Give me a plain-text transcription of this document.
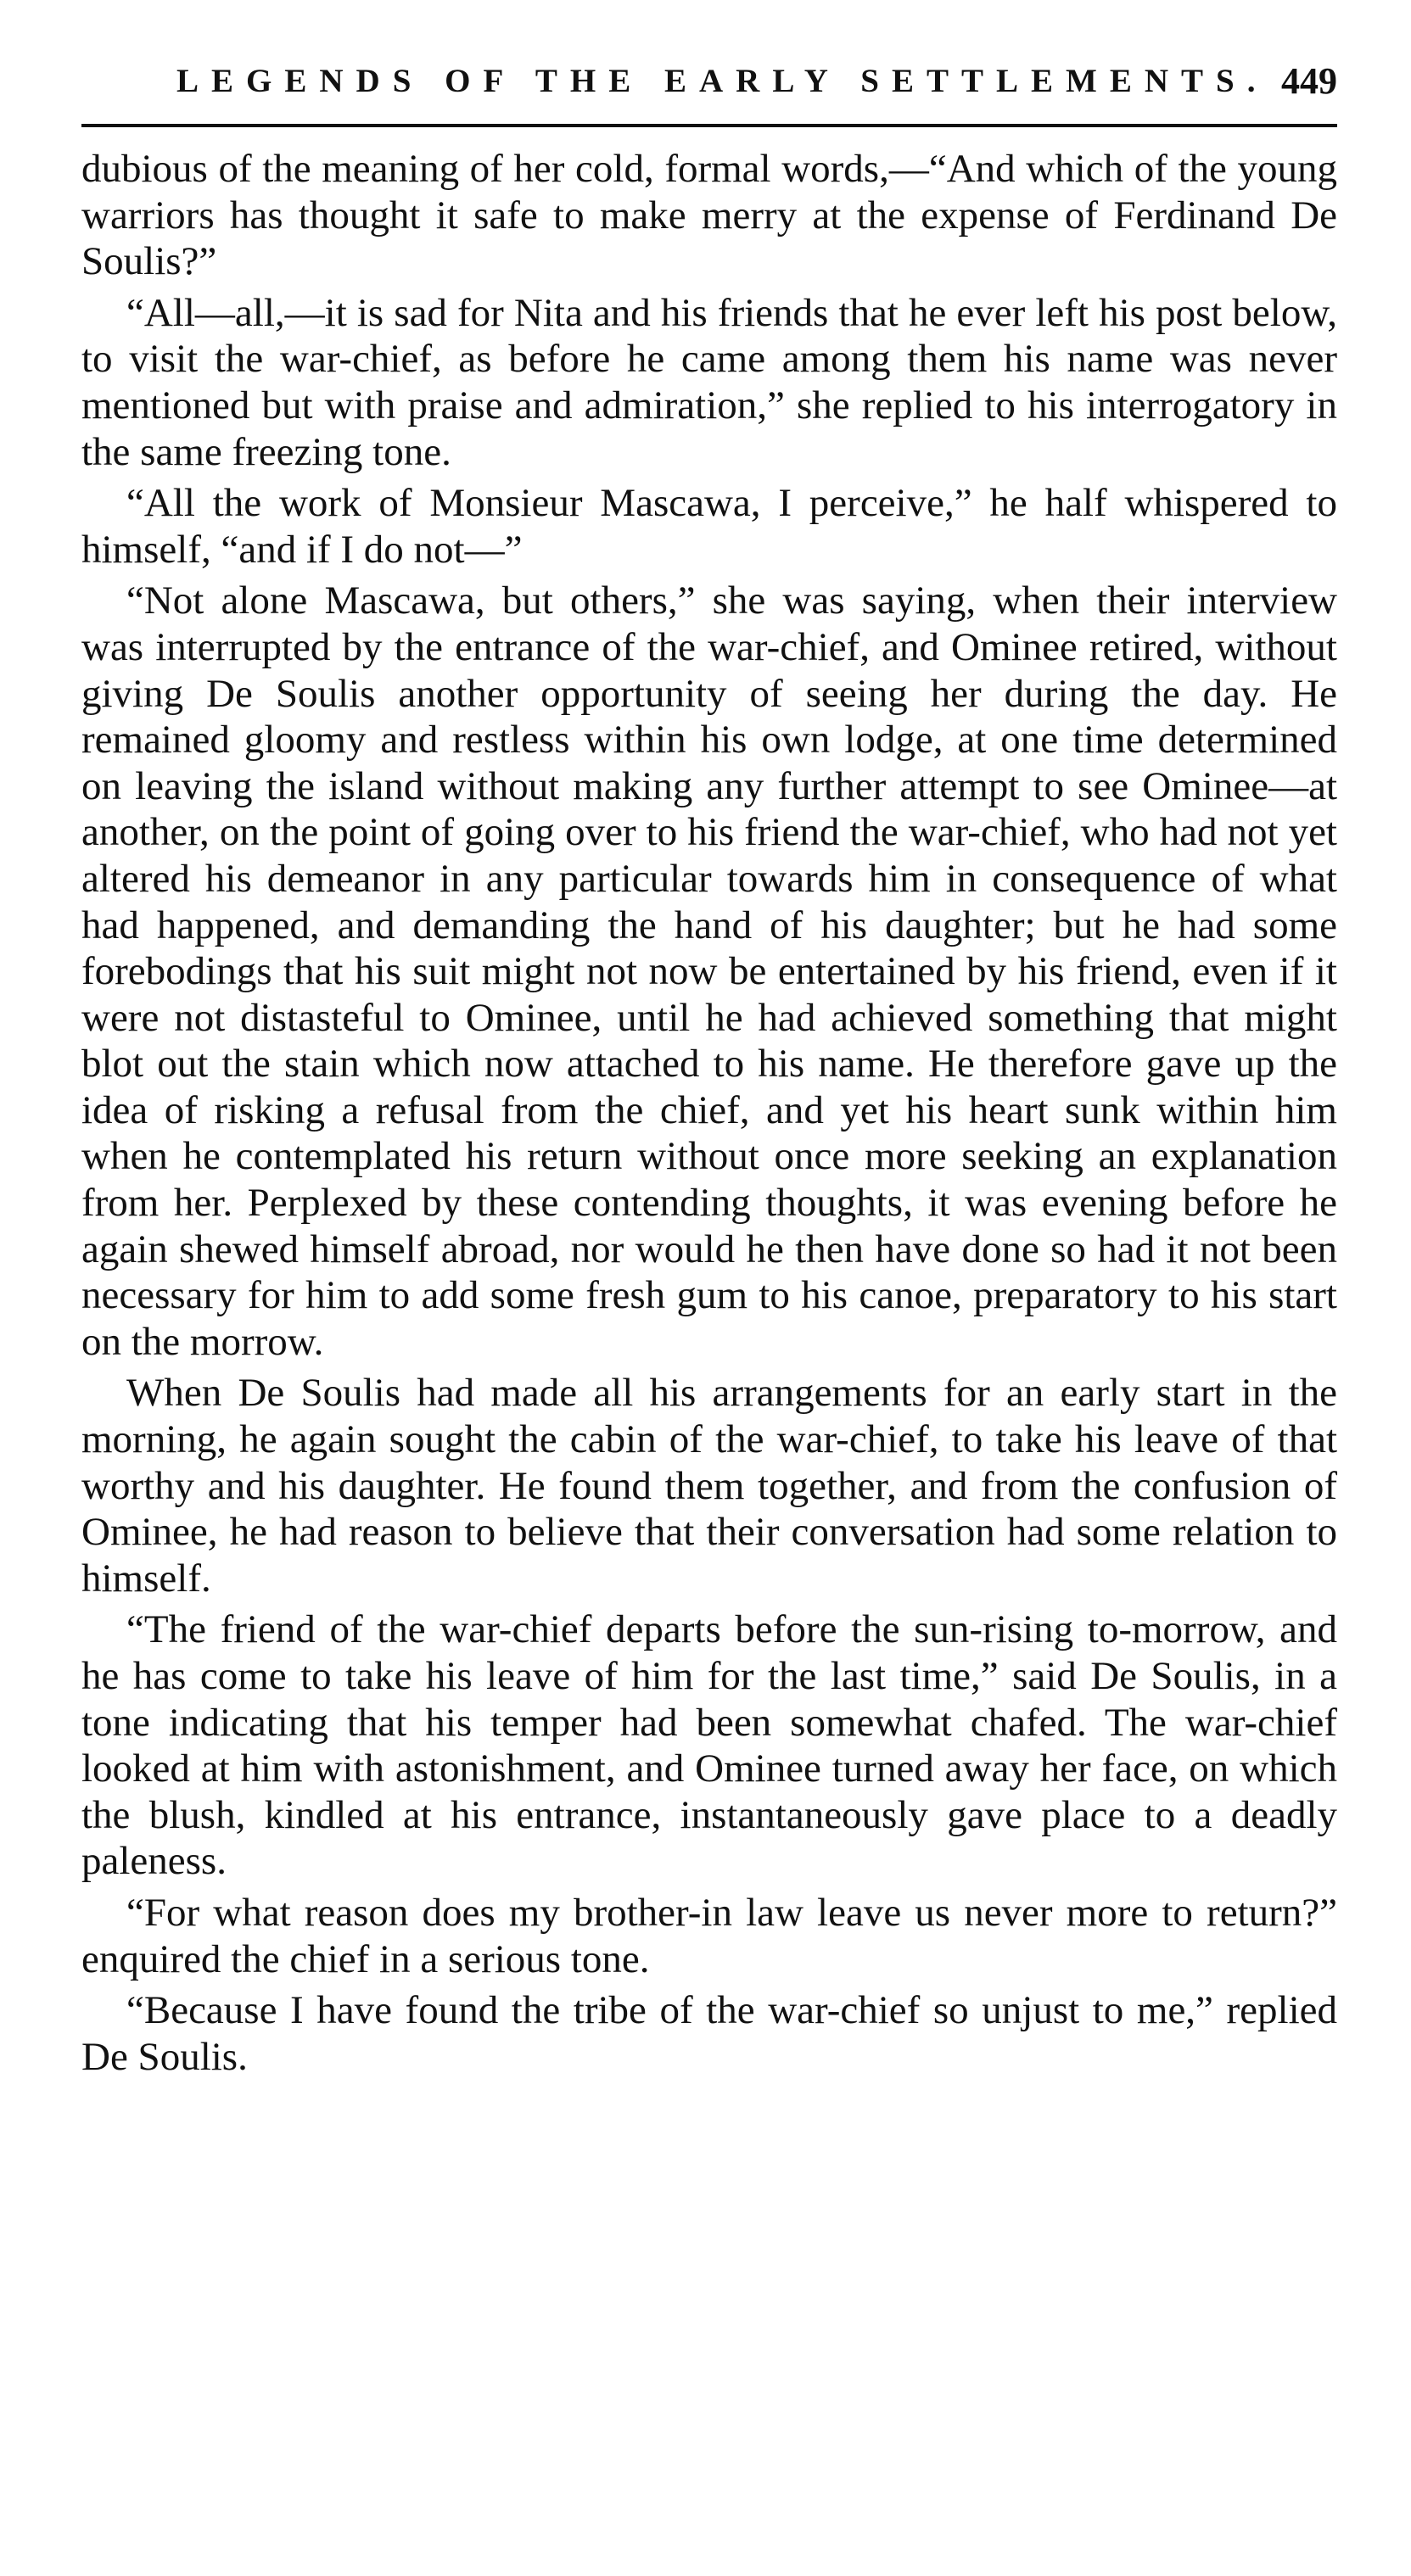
LEGENDS OF THE EARLY SETTLEMENTS. 449

dubious of the meaning of her cold, formal words,—“And which of the young warriors has thought it safe to make merry at the expense of Ferdinand De Soulis?”

“All—all,—it is sad for Nita and his friends that he ever left his post below, to visit the war-chief, as before he came among them his name was never mentioned but with praise and admiration,” she replied to his interrogatory in the same freezing tone.

“All the work of Monsieur Mascawa, I perceive,” he half whispered to himself, “and if I do not—”

“Not alone Mascawa, but others,” she was saying, when their interview was interrupted by the entrance of the war-chief, and Ominee retired, without giving De Soulis another opportunity of seeing her during the day. He remained gloomy and restless within his own lodge, at one time determined on leaving the island without making any further attempt to see Ominee—at another, on the point of going over to his friend the war-chief, who had not yet altered his demeanor in any particular towards him in consequence of what had happened, and demanding the hand of his daughter; but he had some forebodings that his suit might not now be entertained by his friend, even if it were not distasteful to Ominee, until he had achieved something that might blot out the stain which now attached to his name. He therefore gave up the idea of risking a refusal from the chief, and yet his heart sunk within him when he contemplated his return without once more seeking an explanation from her. Perplexed by these contending thoughts, it was evening before he again shewed himself abroad, nor would he then have done so had it not been necessary for him to add some fresh gum to his canoe, preparatory to his start on the morrow.

When De Soulis had made all his arrangements for an early start in the morning, he again sought the cabin of the war-chief, to take his leave of that worthy and his daughter. He found them together, and from the confusion of Ominee, he had reason to believe that their conversation had some relation to himself.

“The friend of the war-chief departs before the sun-rising to-morrow, and he has come to take his leave of him for the last time,” said De Soulis, in a tone indicating that his temper had been somewhat chafed. The war-chief looked at him with astonishment, and Ominee turned away her face, on which the blush, kindled at his entrance, instantaneously gave place to a deadly paleness.

“For what reason does my brother-in law leave us never more to return?” enquired the chief in a serious tone.

“Because I have found the tribe of the war-chief so unjust to me,” replied De Soulis.
